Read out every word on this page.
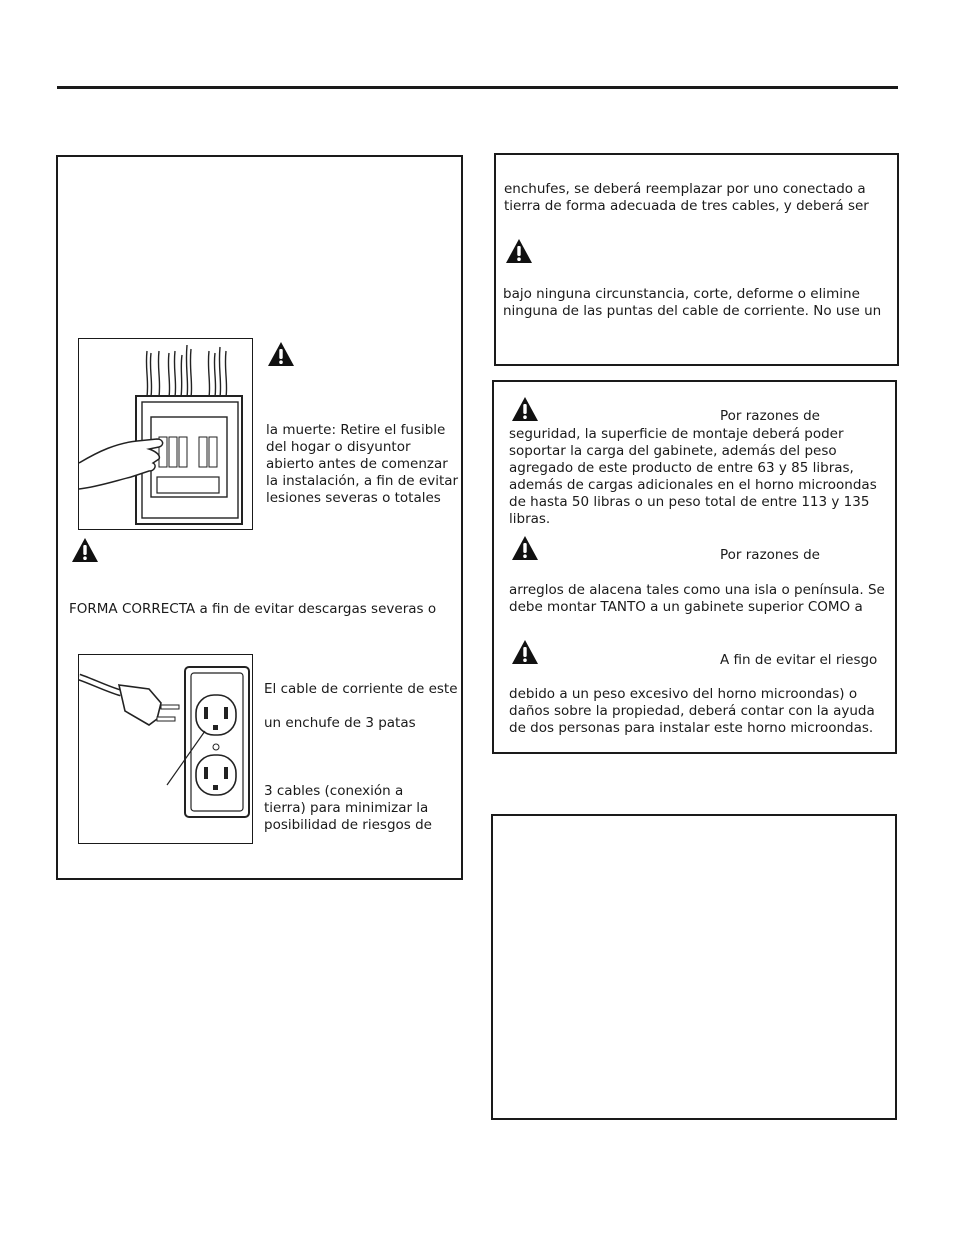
la muerte: Retire el fusible

del hogar o disyuntor

abierto antes de comenzar

la instalación, a fin de evitar

lesiones severas o totales

FORMA CORRECTA a fin de evitar descargas severas o

El cable de corriente de este

un enchufe de 3 patas

3 cables (conexión a

tierra) para minimizar la

posibilidad de riesgos de

enchufes, se deberá reemplazar por uno conectado a

tierra de forma adecuada de tres cables, y deberá ser

bajo ninguna circunstancia, corte, deforme o elimine

ninguna de las puntas del cable de corriente. No use un

Por razones de

seguridad, la superficie de montaje deberá poder

soportar la carga del gabinete, además del peso

agregado de este producto de entre 63 y 85 libras,

además de cargas adicionales en el horno microondas

de hasta 50 libras o un peso total de entre 113 y 135

libras.

Por razones de

arreglos de alacena tales como una isla o península. Se

debe montar TANTO a un gabinete superior COMO a

A fin de evitar el riesgo

debido a un peso excesivo del horno microondas) o

daños sobre la propiedad, deberá contar con la ayuda

de dos personas para instalar este horno microondas.
